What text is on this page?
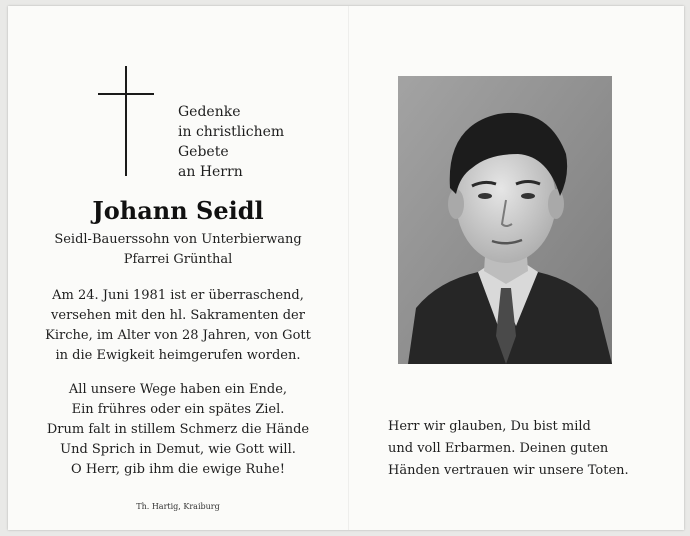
Gedenke
in christlichem
Gebete
an Herrn
Johann Seidl
Seidl-Bauerssohn von Unterbierwang
Pfarrei Grünthal
Am 24. Juni 1981 ist er überraschend,
versehen mit den hl. Sakramenten der
Kirche, im Alter von 28 Jahren, von Gott
in die Ewigkeit heimgerufen worden.
All unsere Wege haben ein Ende,
Ein frühres oder ein spätes Ziel.
Drum falt in stillem Schmerz die Hände
Und Sprich in Demut, wie Gott will.
O Herr, gib ihm die ewige Ruhe!
Th. Hartig, Kraiburg
Herr wir glauben, Du bist mild
und voll Erbarmen. Deinen guten
Händen vertrauen wir unsere Toten.
